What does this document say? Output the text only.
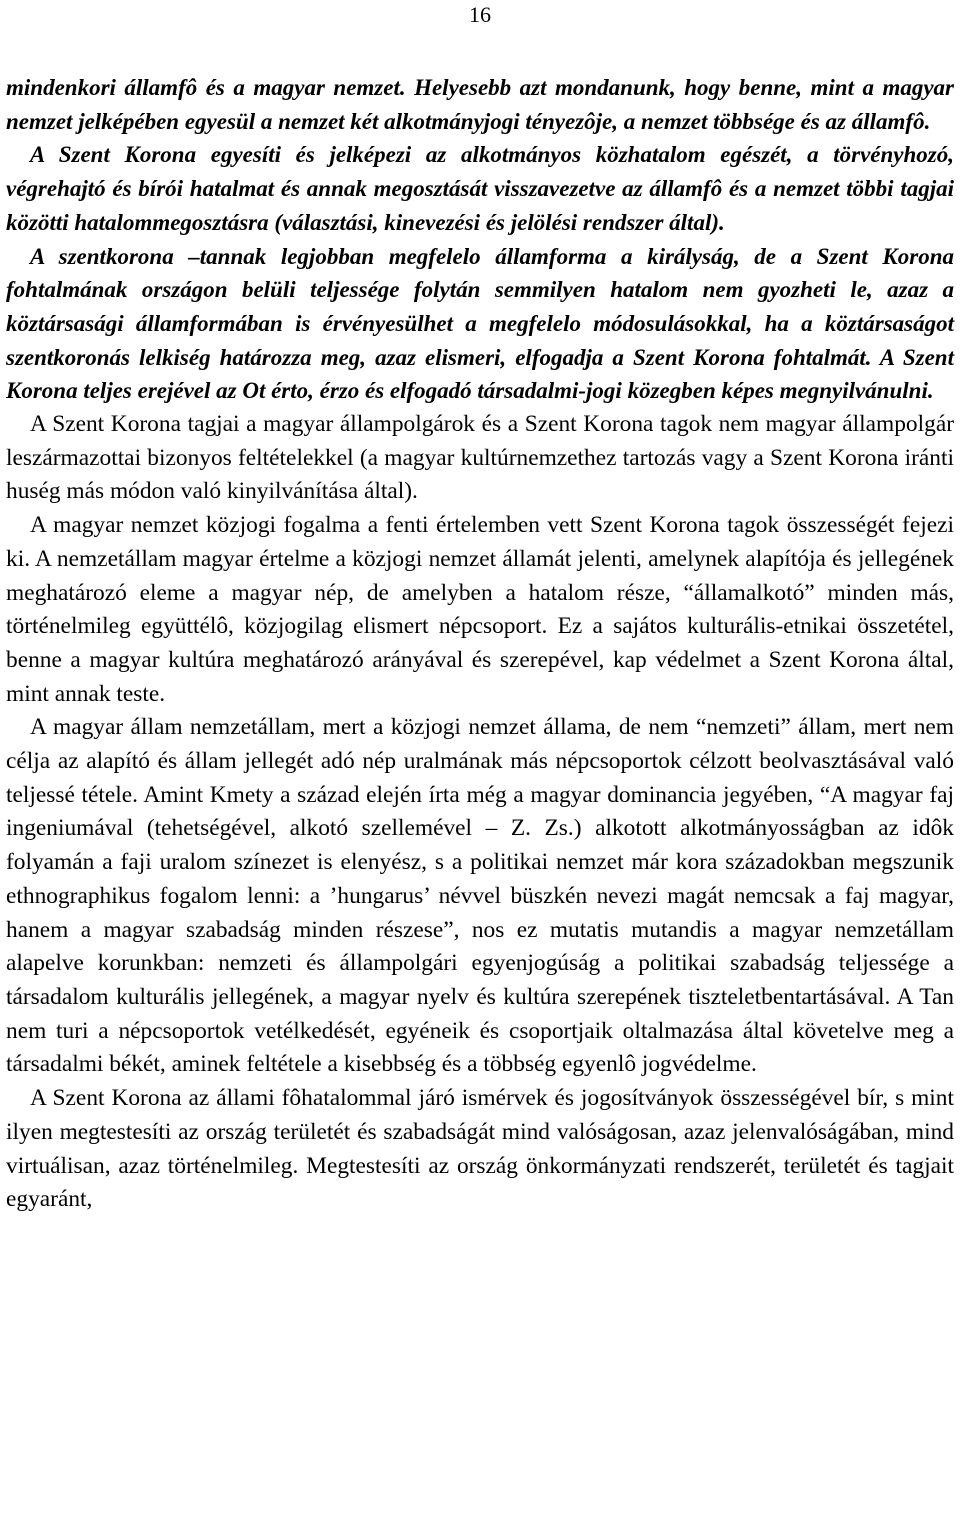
16

mindenkori államfô és a magyar nemzet. Helyesebb azt mondanunk, hogy benne, mint a magyar nemzet jelképében egyesül a nemzet két alkotmányjogi tényezôje, a nemzet többsége és az államfô.

A Szent Korona egyesíti és jelképezi az alkotmányos közhatalom egészét, a törvényhozó, végrehajtó és bírói hatalmat és annak megosztását visszavezetve az államfô és a nemzet többi tagjai közötti hatalommegosztásra (választási, kinevezési és jelölési rendszer által).

A szentkorona –tannak legjobban megfelelo államforma a királyság, de a Szent Korona fohtalmának országon belüli teljessége folytán semmilyen hatalom nem gyozheti le, azaz a köztársasági államformában is érvényesülhet a megfelelo módosulásokkal, ha a köztársaságot szentkoronás lelkiség határozza meg, azaz elismeri, elfogadja a Szent Korona fohtalmát. A Szent Korona teljes erejével az Ot érto, érzo és elfogadó társadalmi-jogi közegben képes megnyilvánulni.

A Szent Korona tagjai a magyar állampolgárok és a Szent Korona tagok nem magyar állampolgár leszármazottai bizonyos feltételekkel (a magyar kultúrnemzethez tartozás vagy a Szent Korona iránti huség más módon való kinyilvánítása által).

A magyar nemzet közjogi fogalma a fenti értelemben vett Szent Korona tagok összességét fejezi ki. A nemzetállam magyar értelme a közjogi nemzet államát jelenti, amelynek alapítója és jellegének meghatározó eleme a magyar nép, de amelyben a hatalom része, “államalkotó” minden más, történelmileg együttélô, közjogilag elismert népcsoport. Ez a sajátos kulturális-etnikai összetétel, benne a magyar kultúra meghatározó arányával és szerepével, kap védelmet a Szent Korona által, mint annak teste.

A magyar állam nemzetállam, mert a közjogi nemzet állama, de nem “nemzeti” állam, mert nem célja az alapító és állam jellegét adó nép uralmának más népcsoportok célzott beolvasztásával való teljessé tétele. Amint Kmety a század elején írta még a magyar dominancia jegyében, “A magyar faj ingeniumával (tehetségével, alkotó szellemével – Z. Zs.) alkotott alkotmányosságban az idôk folyamán a faji uralom színezet is elenyész, s a politikai nemzet már kora századokban megszunik ethnographikus fogalom lenni: a ’hungarus’ névvel büszkén nevezi magát nemcsak a faj magyar, hanem a magyar szabadság minden részese”, nos ez mutatis mutandis a magyar nemzetállam alapelve korunkban: nemzeti és állampolgári egyenjogúság a politikai szabadság teljessége a társadalom kulturális jellegének, a magyar nyelv és kultúra szerepének tiszteletbentartásával. A Tan nem turi a népcsoportok vetélkedését, egyéneik és csoportjaik oltalmazása által követelve meg a társadalmi békét, aminek feltétele a kisebbség és a többség egyenlô jogvédelme.

A Szent Korona az állami fôhatalommal járó ismérvek és jogosítványok összességével bír, s mint ilyen megtestesíti az ország területét és szabadságát mind valóságosan, azaz jelenvalóságában, mind virtuálisan, azaz történelmileg. Megtestesíti az ország önkormányzati rendszerét, területét és tagjait egyaránt,
